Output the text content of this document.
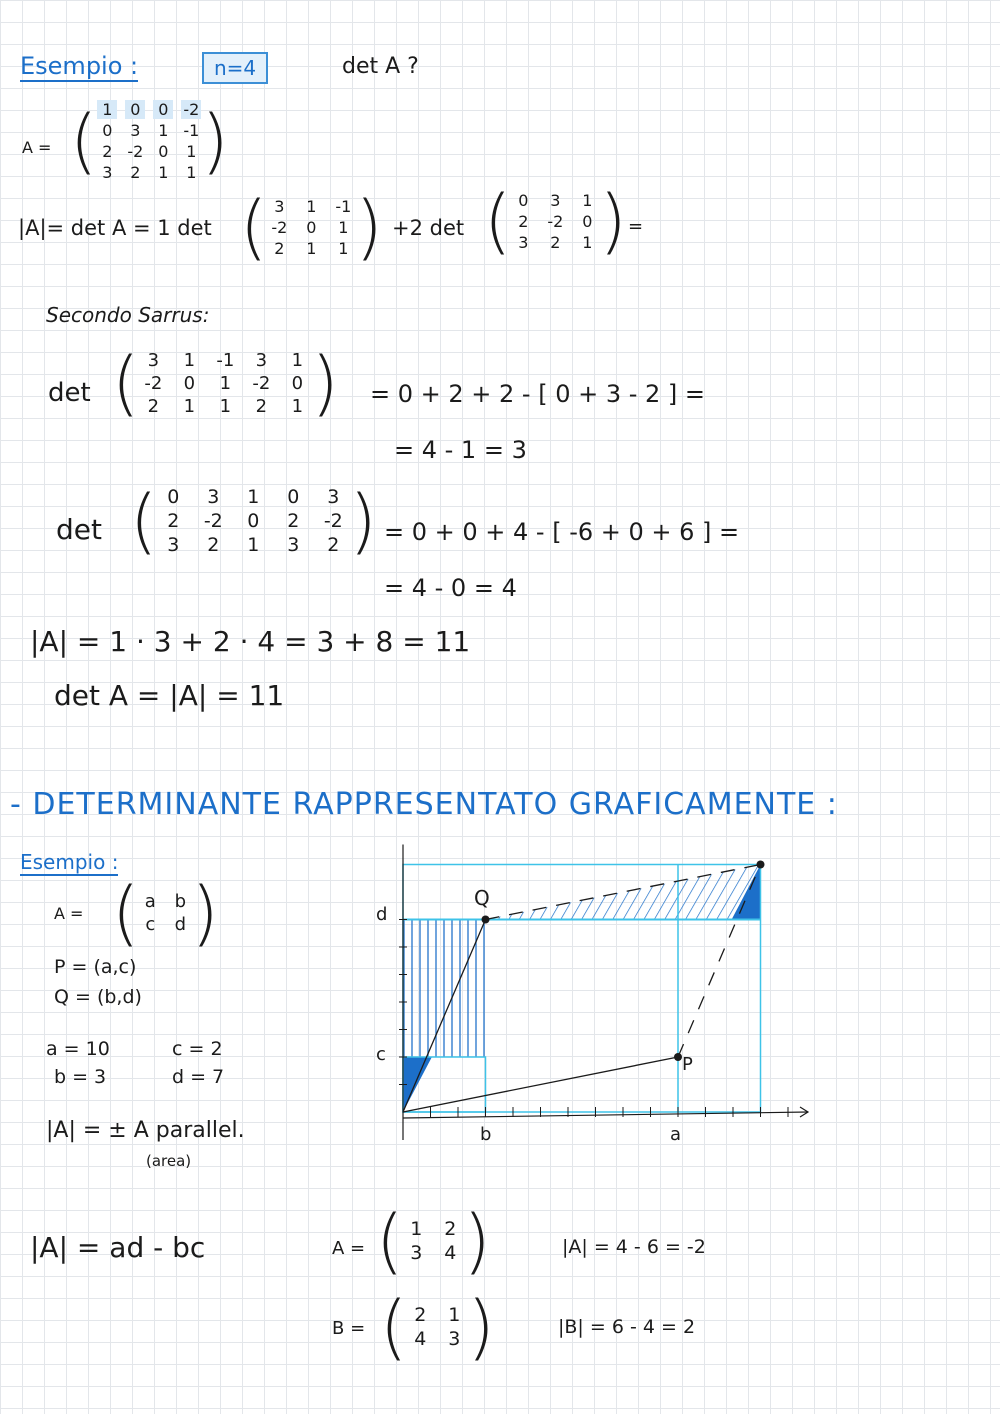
Esempio :	n=4	det A ?
A = ( 1	0	0 -2
0	3	1 -1
2 -2 0	1
3	2	1	1 )
|A|= det A = 1 det ( 3	1	-1
-2	0	1
2	1	1 ) +2 det ( 0	3	1
2	-2	0
3	2	1 ) =
Secondo Sarrus:
det ( 3	1	-1	3	1
-2	0	1	-2	0
2	1	1	2	1 ) = 0 + 2 + 2 - [ 0 + 3 - 2 ] =
= 4 - 1 = 3
det ( 0	3	1	0	3
2	-2	0	2	-2
3	2	1	3	2 ) = 0 + 0 + 4 - [ -6 + 0 + 6 ] =
= 4 - 0 = 4
|A| = 1 · 3 + 2 · 4 = 3 + 8 = 11
det A = |A| = 11
- DETERMINANTE RAPPRESENTATO GRAFICAMENTE :
Esempio :
A = ( a	b
c	d )
P = (a,c)
Q = (b,d)
a = 10	c = 2
b = 3	d = 7
|A| = ± A parallel.
(area)
|A| = ad - bc	A = ( 1	2
3	4 )	|A| = 4 - 6 = -2
B = ( 2	1
4	3 )	|B| = 6 - 4 = 2
d
c
b	a
Q
P
